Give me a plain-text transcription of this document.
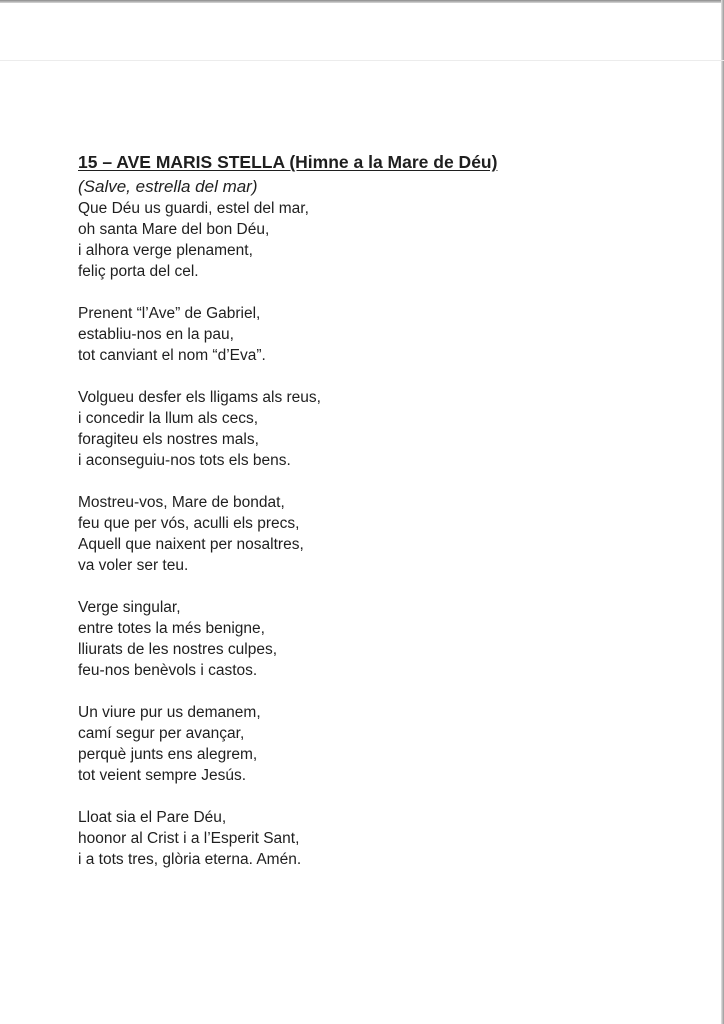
15 – AVE MARIS STELLA (Himne a la Mare de Déu)
(Salve, estrella del mar)
Que Déu us guardi, estel del mar,
oh santa Mare del bon Déu,
i alhora verge plenament,
feliç porta del cel.
Prenent “l’Ave” de Gabriel,
establiu-nos en la pau,
tot canviant el nom “d’Eva”.
Volgueu desfer els lligams als reus,
i concedir la llum als cecs,
foragiteu els nostres mals,
i aconseguiu-nos tots els bens.
Mostreu-vos, Mare de bondat,
feu que per vós, aculli els precs,
Aquell que naixent per nosaltres,
va voler ser teu.
Verge singular,
entre totes la més benigne,
lliurats de les nostres culpes,
feu-nos benèvols i castos.
Un viure pur us demanem,
camí segur per avançar,
perquè junts ens alegrem,
tot veient sempre Jesús.
Lloat sia el Pare Déu,
hoonor al Crist i a l’Esperit Sant,
i a tots tres, glòria eterna. Amén.
